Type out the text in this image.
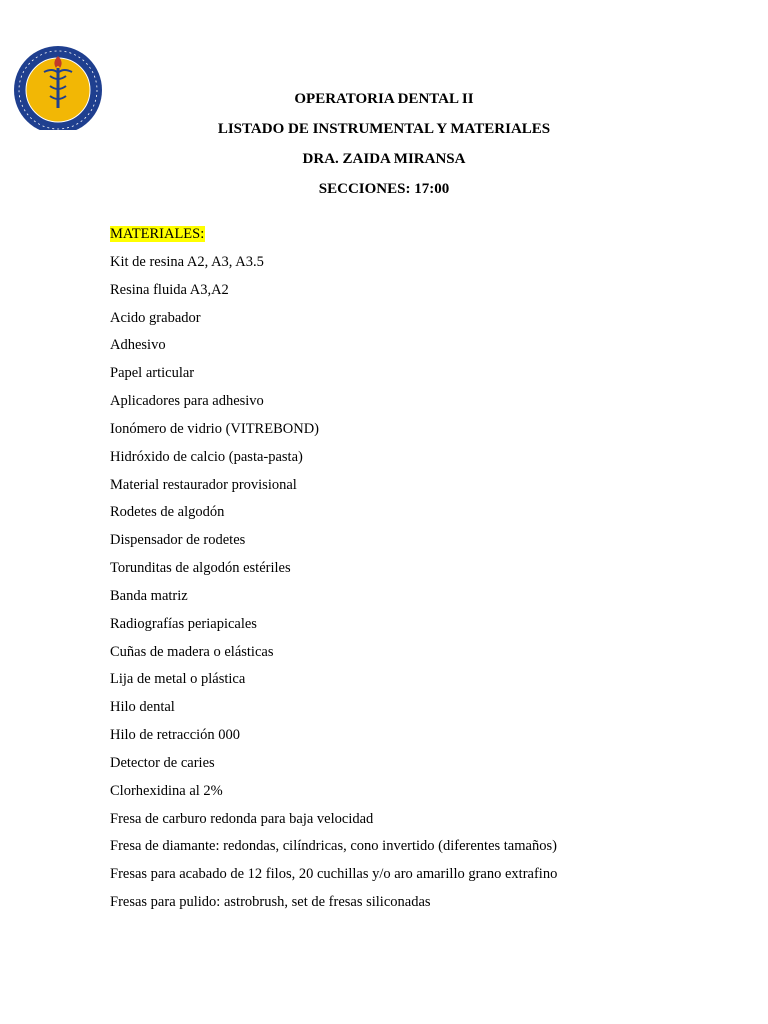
OPERATORIA DENTAL II
LISTADO DE INSTRUMENTAL Y MATERIALES
DRA. ZAIDA MIRANSA
SECCIONES: 17:00
MATERIALES:
Kit de resina A2, A3, A3.5
Resina fluida A3,A2
Acido grabador
Adhesivo
Papel articular
Aplicadores para adhesivo
Ionómero de vidrio (VITREBOND)
Hidróxido de calcio (pasta-pasta)
Material restaurador provisional
Rodetes de algodón
Dispensador de rodetes
Torunditas de algodón estériles
Banda matriz
Radiografías periapicales
Cuñas de madera o elásticas
Lija de metal o plástica
Hilo dental
Hilo de retracción 000
Detector de caries
Clorhexidina al 2%
Fresa de carburo redonda para baja velocidad
Fresa de diamante: redondas, cilíndricas, cono invertido (diferentes tamaños)
Fresas para acabado de 12 filos, 20 cuchillas y/o aro amarillo grano extrafino
Fresas para pulido: astrobrush, set de fresas siliconadas
